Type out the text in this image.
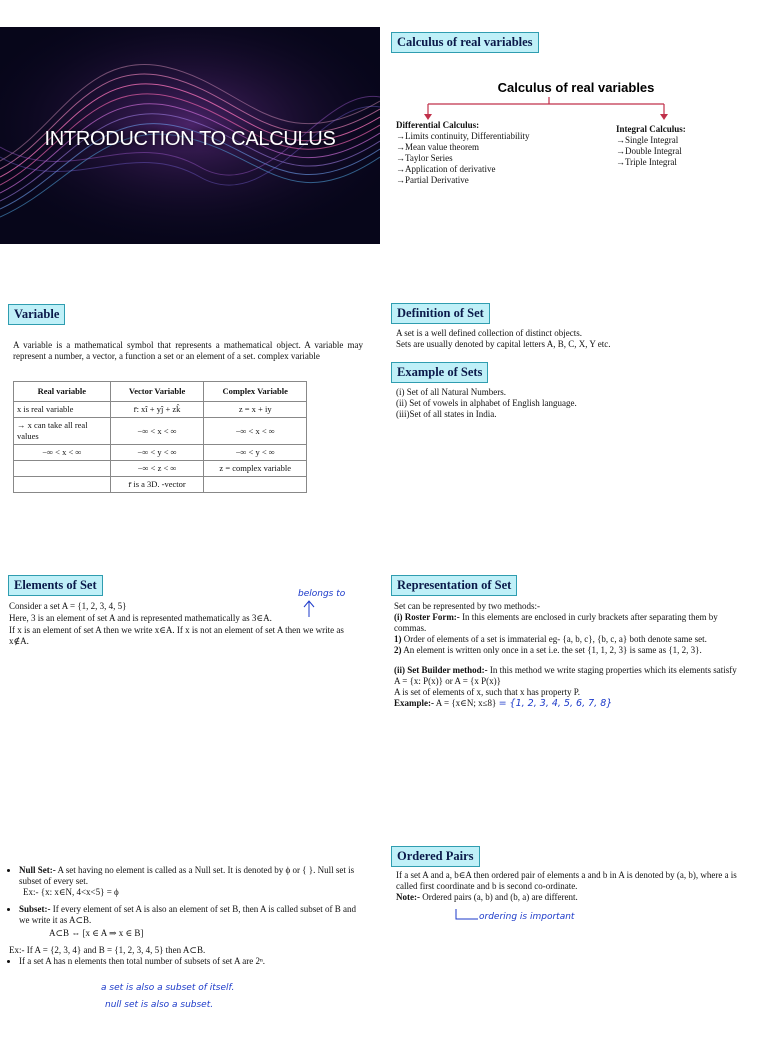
INTRODUCTION TO CALCULUS
Calculus of real variables
Calculus of real variables
Differential Calculus:
→Limits continuity, Differentiability
→Mean value theorem
→Taylor Series
→Application of derivative
→Partial Derivative
Integral Calculus:
→Single Integral
→Double Integral
→Triple Integral
Variable
A variable is a mathematical symbol that represents a mathematical object. A variable may represent a number, a vector, a function a set or an element of a set. complex variable
Real variable	Vector Variable	Complex Variable
x is real variable	r̄: xî + yĵ + zk̂	z = x + iy
→ x can take all real values	−∞ < x < ∞	−∞ < x < ∞
−∞ < x < ∞	−∞ < y < ∞	−∞ < y < ∞
	−∞ < z < ∞	z = complex variable
	r̄ is a 3D. -vector	
Definition of Set
A set is a well defined collection of distinct objects.
Sets are usually denoted by capital letters A, B, C, X, Y etc.
Example of Sets
(i) Set of all Natural Numbers.
(ii) Set of vowels in alphabet of English language.
(iii)Set of all states in India.
Elements of Set
belongs to
Consider a set A = {1, 2, 3, 4, 5}
Here, 3 is an element of set A and is represented mathematically as 3∈A.
If x is an element of set A then we write x∈A. If x is not an element of set A then we write as x∉A.
Representation of Set
Set can be represented by two methods:-
(i) Roster Form:- In this elements are enclosed in curly brackets after separating them by commas.
1) Order of elements of a set is immaterial eg- {a, b, c}, {b, c, a} both denote same set.
2) An element is written only once in a set i.e. the set {1, 1, 2, 3} is same as {1, 2, 3}.
(ii) Set Builder method:- In this method we write staging properties which its elements satisfy
A = {x: P(x)} or A = {x P(x)}
A is set of elements of x, such that x has property P.
Example:- A = {x∈N; x≤8} = {1, 2, 3, 4, 5, 6, 7, 8}
• Null Set:- A set having no element is called as a Null set. It is denoted by ϕ or { }. Null set is subset of every set.
Ex:- {x: x∈N, 4<x<5} = ϕ
• Subset:- If every element of set A is also an element of set B, then A is called subset of B and we write it as A⊂B.
A⊂B ⇔ [x ∈ A ⇒ x ∈ B]
Ex:- If A = {2, 3, 4} and B = {1, 2, 3, 4, 5} then A⊂B.
• If a set A has n elements then total number of subsets of set A are 2ⁿ.
a set is also a subset of itself.
null set is also a subset.
Ordered Pairs
If a set A and a, b∈A then ordered pair of elements a and b in A is denoted by (a, b), where a is called first coordinate and b is second co-ordinate.
Note:- Ordered pairs (a, b) and (b, a) are different.
ordering is important
